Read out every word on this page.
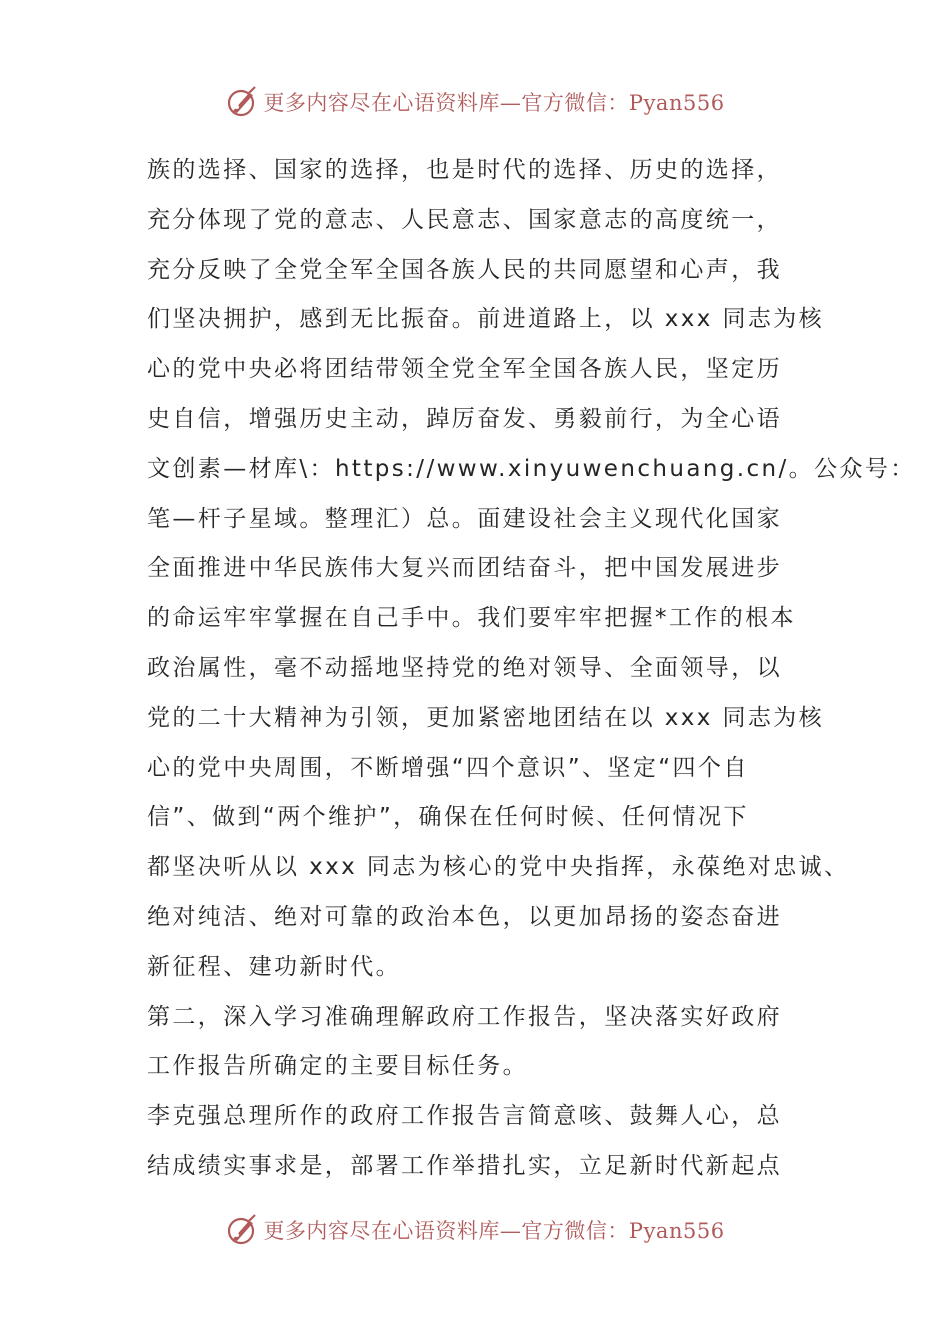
更多内容尽在心语资料库—官方微信：Pyan556
族的选择、国家的选择，也是时代的选择、历史的选择，
充分体现了党的意志、人民意志、国家意志的高度统一，
充分反映了全党全军全国各族人民的共同愿望和心声，我
们坚决拥护，感到无比振奋。前进道路上，以 xxx 同志为核
心的党中央必将团结带领全党全军全国各族人民，坚定历
史自信，增强历史主动，踔厉奋发、勇毅前行，为全心语
文创素—材库\：https://www.xinyuwenchuang.cn/。公众号：
笔—杆子星域。整理汇）总。面建设社会主义现代化国家
全面推进中华民族伟大复兴而团结奋斗，把中国发展进步
的命运牢牢掌握在自己手中。我们要牢牢把握*工作的根本
政治属性，毫不动摇地坚持党的绝对领导、全面领导，以
党的二十大精神为引领，更加紧密地团结在以 xxx 同志为核
心的党中央周围，不断增强“四个意识”、坚定“四个自
信”、做到“两个维护”，确保在任何时候、任何情况下
都坚决听从以 xxx 同志为核心的党中央指挥，永葆绝对忠诚、
绝对纯洁、绝对可靠的政治本色，以更加昂扬的姿态奋进
新征程、建功新时代。
第二，深入学习准确理解政府工作报告，坚决落实好政府
工作报告所确定的主要目标任务。
李克强总理所作的政府工作报告言简意咳、鼓舞人心，总
结成绩实事求是，部署工作举措扎实，立足新时代新起点
更多内容尽在心语资料库—官方微信：Pyan556
